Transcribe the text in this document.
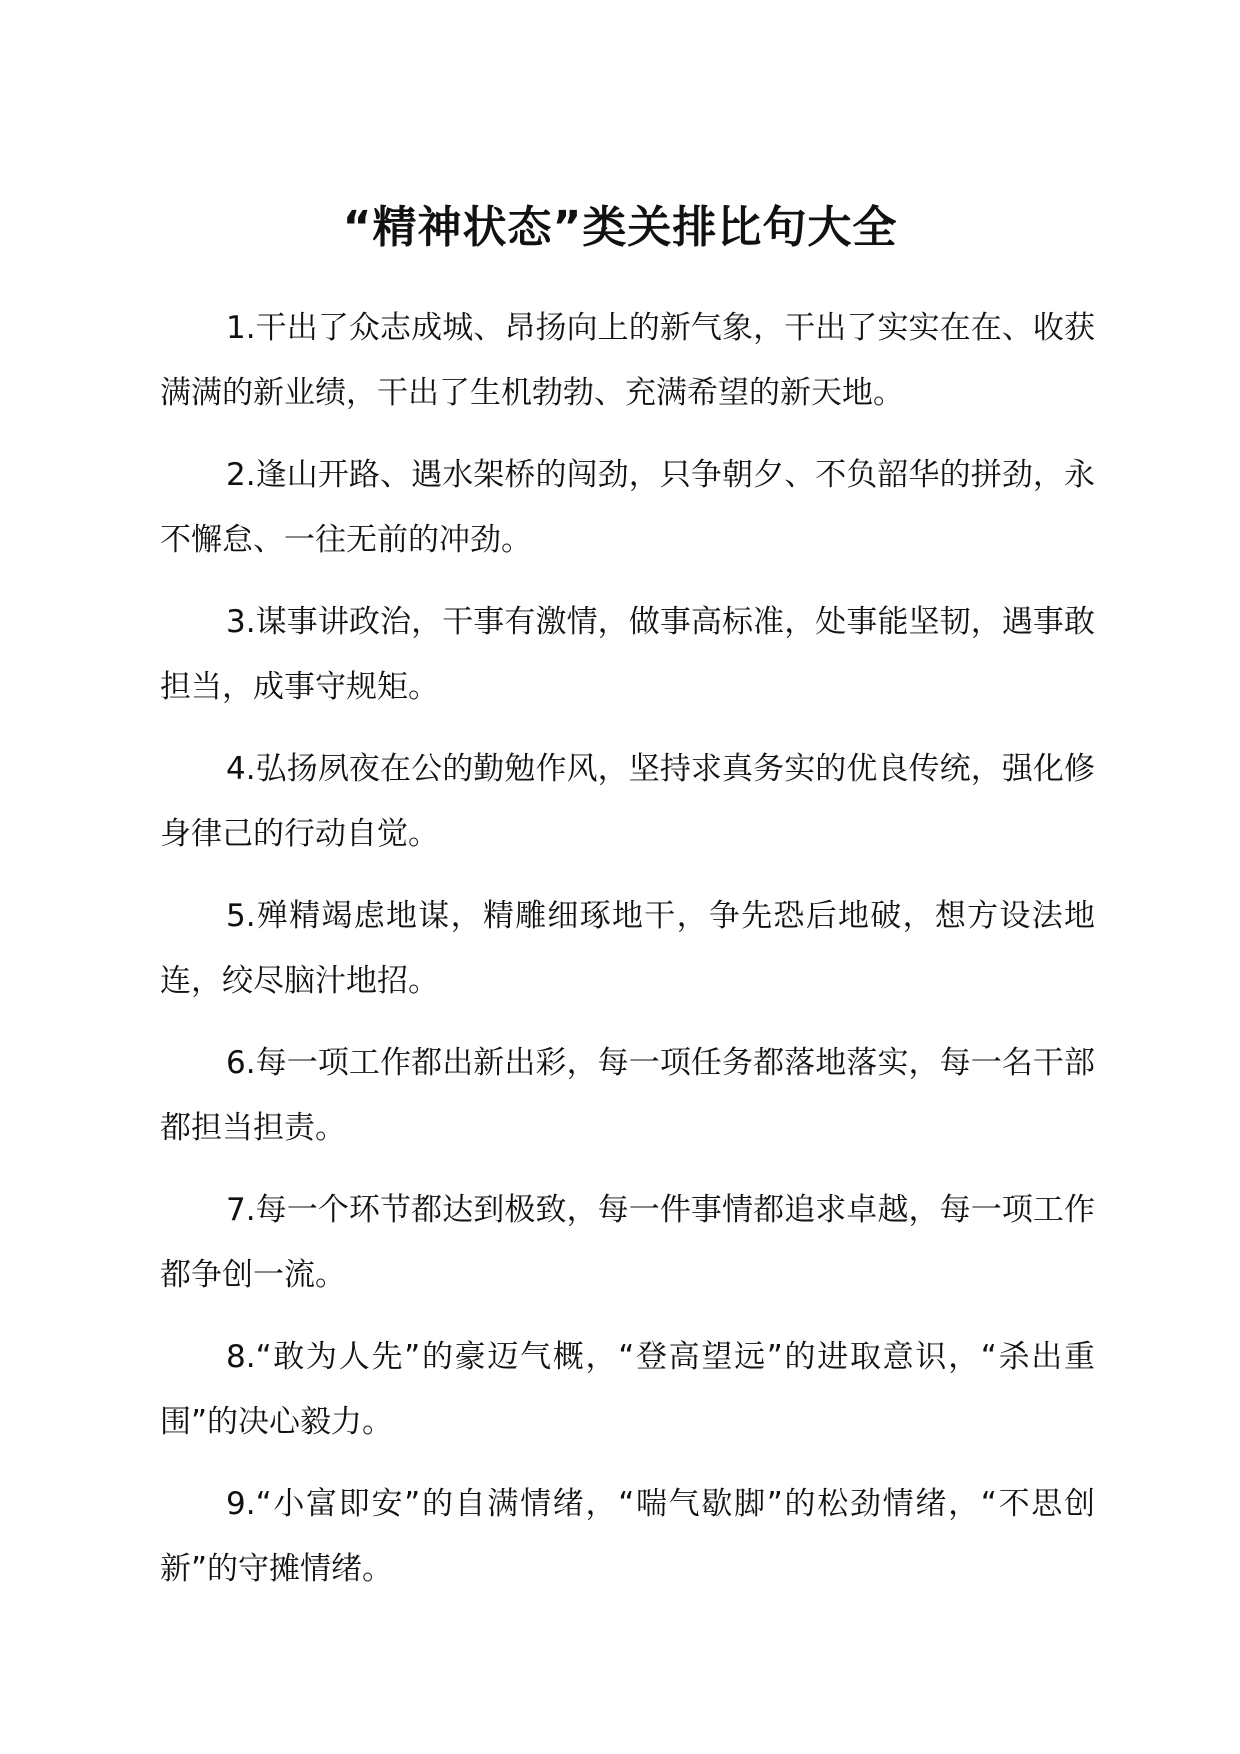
“精神状态”类关排比句大全

1.干出了众志成城、昂扬向上的新气象，干出了实实在在、收获满满的新业绩，干出了生机勃勃、充满希望的新天地。

2.逢山开路、遇水架桥的闯劲，只争朝夕、不负韶华的拼劲，永不懈怠、一往无前的冲劲。

3.谋事讲政治，干事有激情，做事高标准，处事能坚韧，遇事敢担当，成事守规矩。

4.弘扬夙夜在公的勤勉作风，坚持求真务实的优良传统，强化修身律己的行动自觉。

5.殚精竭虑地谋，精雕细琢地干，争先恐后地破，想方设法地连，绞尽脑汁地招。

6.每一项工作都出新出彩，每一项任务都落地落实，每一名干部都担当担责。

7.每一个环节都达到极致，每一件事情都追求卓越，每一项工作都争创一流。

8.“敢为人先”的豪迈气概，“登高望远”的进取意识，“杀出重围”的决心毅力。

9.“小富即安”的自满情绪，“喘气歇脚”的松劲情绪，“不思创新”的守摊情绪。
